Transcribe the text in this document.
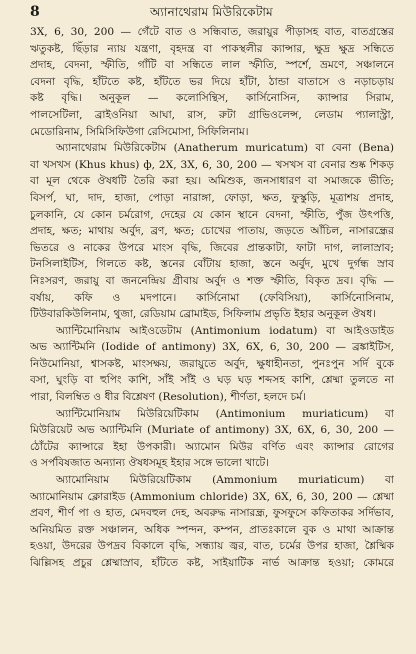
8	অ্যানাথেরাম মিউরিকেটাম
3X, 6, 30, 200 — গেঁটে বাত ও সন্ধিবাত, জরায়ুর পীড়াসহ বাত, বাতগ্রস্তের
ঋতুকষ্ট, ছিঁড়ার ন্যায় যন্ত্রণা, বৃহদন্ত্র বা পাকস্থলীর ক্যান্সার, ক্ষুদ্র ক্ষুদ্র সন্ধিতে
প্রদাহ, বেদনা, স্ফীতি, গাঁটি বা সন্ধিতে লাল স্ফীতি, স্পর্শে, ভ্রমণে, সঞ্চালনে
বেদনা বৃদ্ধি, হাঁটতে কষ্ট, হাঁটতে ভর দিয়ে হাঁটা, ঠান্ডা বাতাসে ও নড়াচড়ায়
কষ্ট বৃদ্ধি। অনুকূল — কলোসিন্থিস, কার্সিনোসিন, ক্যান্সার সিরাম,
পালসেটিলা, ব্রাইওনিয়া আঘা, রাস, রুটা গ্রাভিওলেন্স, লেডাম প্যালাস্ট্রা,
মেডোরিনাম, সিমিসিফিউগা রেসিমোসা, সিফিলিনাম।
অ্যানাথেরাম মিউরিকেটাম (Anatherum muricatum) বা বেনা (Bena)
বা খসখস (Khus khus) ф, 2X, 3X, 6, 30, 200 — খসখস বা বেনার শুষ্ক শিকড়
বা মূল থেকে ঔষধটি তৈরি করা হয়। অমিশুক, জনসাধারণ বা সমাজকে ভীতি;
বিসর্প, ঘা, দাদ, হাজা, পোড়া নারাঙ্গা, ফোড়া, ক্ষত, ফুস্কুড়ি, মূত্রাশয় প্রদাহ,
চুলকানি, যে কোন চর্মরোগ, দেহের যে কোন স্থানে বেদনা, স্ফীতি, পুঁজ উৎপত্তি,
প্রদাহ, ক্ষত; মাথায় অর্বুদ, ব্রণ, ক্ষত; চোখের পাতায়, জড়তে আঁচিল, নাসারন্ধ্রের
ভিতরে ও নাকের উপরে মাংস বৃদ্ধি, জিবের প্রান্তকাটা, ফাটা দাগ, লালাস্রাব;
টনসিলাইটিস, গিলতে কষ্ট, স্তনের বোঁটায় হাজা, স্তনে অর্বুদ, মুখে দুর্গন্ধ স্রাব
নিঃসরণ, জরায়ু বা জননেন্দ্রিয় গ্রীবায় অর্বুদ ও শক্ত স্ফীতি, বিকৃত দ্রব। বৃদ্ধি —
বর্ষায়, কফি ও মদপানে। কার্সিনোমা (ফেবিসিয়া), কার্সিনোসিনাম,
টিউবারকিউলিনাম, থুজা, রেডিয়াম ব্রোমাইড, সিফিলাম প্রভৃতি ইহার অনুকূল ঔষধ।
অ্যান্টিমোনিয়াম আইওডেটাম (Antimonium iodatum) বা আইওডাইড
অভ অ্যান্টিমনি (Iodide of antimony) 3X, 6X, 6, 30, 200 — ব্রঙ্কাইটিস,
নিউমোনিয়া, শ্বাসকষ্ট, মাংসক্ষয়, জরায়ুতে অর্বুদ, ক্ষুধাহীনতা, পুনঃপুন সর্দি বুকে
বসা, ঘুংড়ি বা হুপিং কাশি, সাঁই সাঁই ও ঘড় ঘড় শব্দসহ কাশি, শ্লেষ্মা তুলতে না
পারা, বিলম্বিত ও ধীর বিশ্লেষণ (Resolution), শীর্ণতা, হলদে চর্ম।
অ্যান্টিমোনিয়াম মিউরিয়েটিকাম (Antimonium muriaticum) বা
মিউরিয়েট অভ অ্যান্টিমনি (Muriate of antimony) 3X, 6X, 6, 30, 200 —
ঠোঁটের ক্যান্সারে ইহা উপকারী। অ্যামোন মিউর বর্ণিত এবং ক্যান্সার রোগের
ও সর্পবিষজাত অন্যান্য ঔষধসমূহ ইহার সঙ্গে ভালো খাটে।
অ্যামোনিয়াম মিউরিয়েটিকাম (Ammonium muriaticum) বা
অ্যামোনিয়াম ক্লোরাইড (Ammonium chloride) 3X, 6X, 6, 30, 200 — শ্লেষ্মা
প্রবণ, শীর্ণ পা ও হাত, মেদবহুল দেহ, অবরুদ্ধ নাসারন্ধ্র, ফুসফুসে কফিতাকর সর্দিভাব,
অনিয়মিত রক্ত সঞ্চালন, অধিক স্পন্দন, কম্পন, প্রাতঃকালে বুক ও মাথা আক্রান্ত
হওয়া, উদরের উপদ্রব বিকালে বৃদ্ধি, সন্ধ্যায় জ্বর, বাত, চর্মের উপর হাজা, শ্লৈষ্মিক
ঝিল্লিসহ প্রচুর শ্লেষ্মাস্রাব, হাঁটতে কষ্ট, সাইয়াটিক নার্ভ আক্রান্ত হওয়া; কোমরে
